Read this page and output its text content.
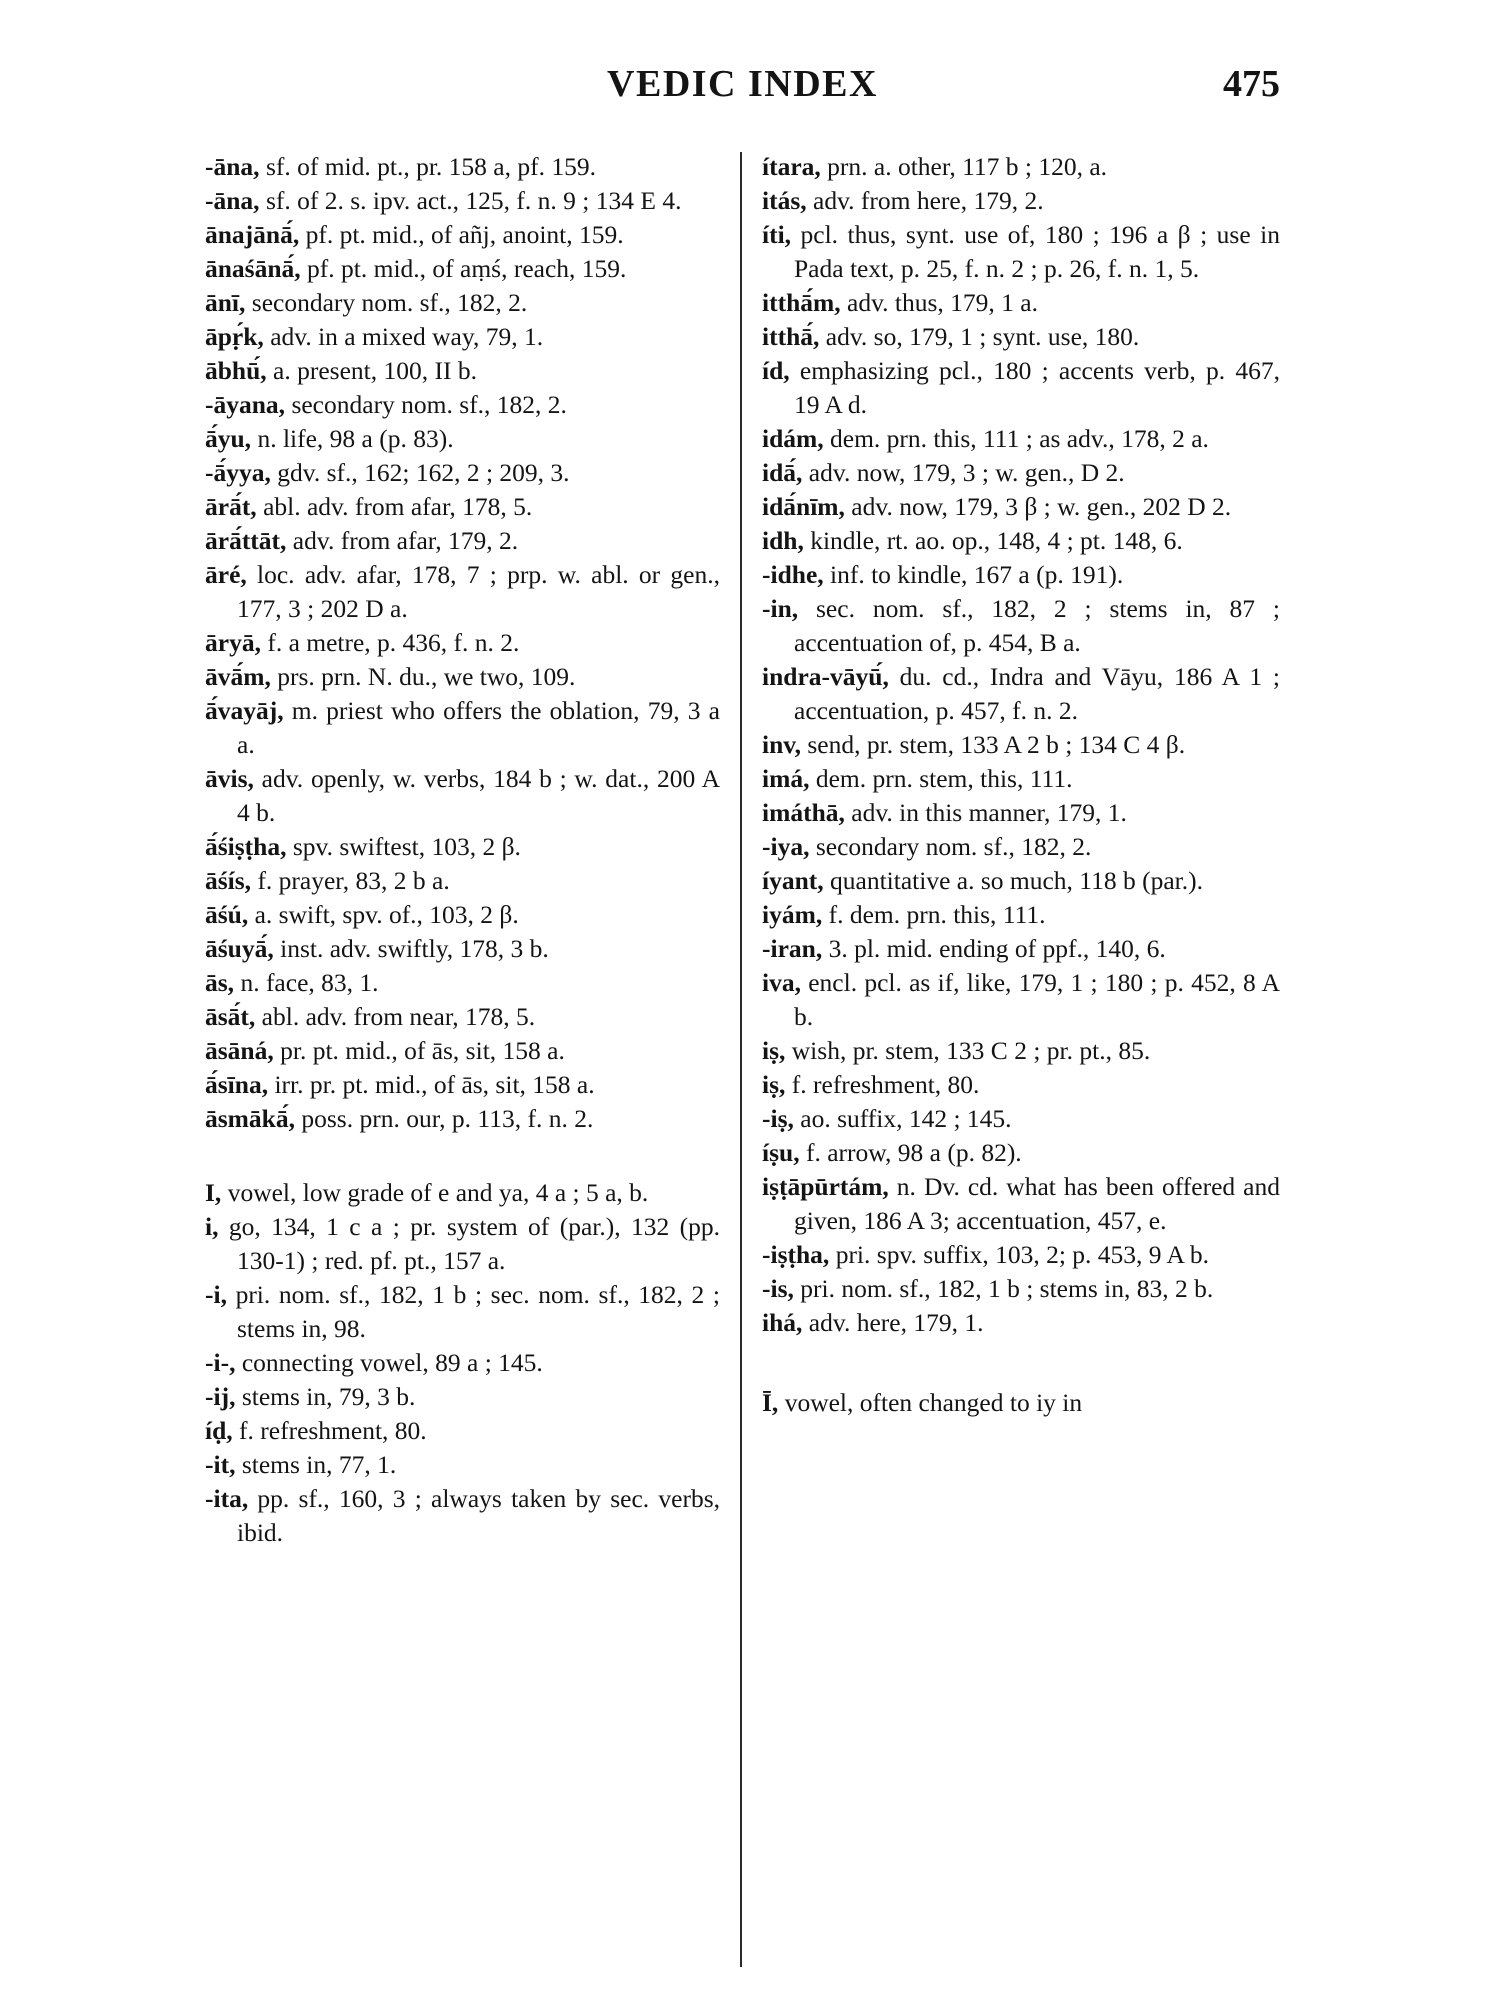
VEDIC INDEX	475
-āna, sf. of mid. pt., pr. 158 a, pf. 159.
-āna, sf. of 2. s. ipv. act., 125, f. n. 9 ; 134 E 4.
ānajānā́, pf. pt. mid., of añj, anoint, 159.
ānaśānā́, pf. pt. mid., of aṃś, reach, 159.
ānī, secondary nom. sf., 182, 2.
āpṛ́k, adv. in a mixed way, 79, 1.
ābhū́, a. present, 100, II b.
-āyana, secondary nom. sf., 182, 2.
ā́yu, n. life, 98 a (p. 83).
-ā́yya, gdv. sf., 162; 162, 2 ; 209, 3.
ārā́t, abl. adv. from afar, 178, 5.
ārā́ttāt, adv. from afar, 179, 2.
āré, loc. adv. afar, 178, 7 ; prp. w. abl. or gen., 177, 3 ; 202 D a.
āryā, f. a metre, p. 436, f. n. 2.
āvā́m, prs. prn. N. du., we two, 109.
ā́vayāj, m. priest who offers the oblation, 79, 3 a a.
āvis, adv. openly, w. verbs, 184 b ; w. dat., 200 A 4 b.
ā́śiṣṭha, spv. swiftest, 103, 2 β.
āśís, f. prayer, 83, 2 b a.
āśú, a. swift, spv. of., 103, 2 β.
āśuyā́, inst. adv. swiftly, 178, 3 b.
ās, n. face, 83, 1.
āsā́t, abl. adv. from near, 178, 5.
āsāná, pr. pt. mid., of ās, sit, 158 a.
ā́sīna, irr. pr. pt. mid., of ās, sit, 158 a.
āsmākā́, poss. prn. our, p. 113, f. n. 2.
I, vowel, low grade of e and ya, 4 a ; 5 a, b.
i, go, 134, 1 c a ; pr. system of (par.), 132 (pp. 130-1) ; red. pf. pt., 157 a.
-i, pri. nom. sf., 182, 1 b ; sec. nom. sf., 182, 2 ; stems in, 98.
-i-, connecting vowel, 89 a ; 145.
-ij, stems in, 79, 3 b.
íḍ, f. refreshment, 80.
-it, stems in, 77, 1.
-ita, pp. sf., 160, 3 ; always taken by sec. verbs, ibid.
ítara, prn. a. other, 117 b ; 120, a.
itás, adv. from here, 179, 2.
íti, pcl. thus, synt. use of, 180 ; 196 a β ; use in Pada text, p. 25, f. n. 2 ; p. 26, f. n. 1, 5.
itthā́m, adv. thus, 179, 1 a.
itthā́, adv. so, 179, 1 ; synt. use, 180.
íd, emphasizing pcl., 180 ; accents verb, p. 467, 19 A d.
idám, dem. prn. this, 111 ; as adv., 178, 2 a.
idā́, adv. now, 179, 3 ; w. gen., D 2.
idā́nīm, adv. now, 179, 3 β ; w. gen., 202 D 2.
idh, kindle, rt. ao. op., 148, 4 ; pt. 148, 6.
-idhe, inf. to kindle, 167 a (p. 191).
-in, sec. nom. sf., 182, 2 ; stems in, 87 ; accentuation of, p. 454, B a.
indra-vāyū́, du. cd., Indra and Vāyu, 186 A 1 ; accentuation, p. 457, f. n. 2.
inv, send, pr. stem, 133 A 2 b ; 134 C 4 β.
imá, dem. prn. stem, this, 111.
imáthā, adv. in this manner, 179, 1.
-iya, secondary nom. sf., 182, 2.
íyant, quantitative a. so much, 118 b (par.).
iyám, f. dem. prn. this, 111.
-iran, 3. pl. mid. ending of ppf., 140, 6.
iva, encl. pcl. as if, like, 179, 1 ; 180 ; p. 452, 8 A b.
iṣ, wish, pr. stem, 133 C 2 ; pr. pt., 85.
iṣ, f. refreshment, 80.
-iṣ, ao. suffix, 142 ; 145.
íṣu, f. arrow, 98 a (p. 82).
iṣṭāpūrtám, n. Dv. cd. what has been offered and given, 186 A 3; accentuation, 457, e.
-iṣṭha, pri. spv. suffix, 103, 2; p. 453, 9 A b.
-is, pri. nom. sf., 182, 1 b ; stems in, 83, 2 b.
ihá, adv. here, 179, 1.
Ī, vowel, often changed to iy in
